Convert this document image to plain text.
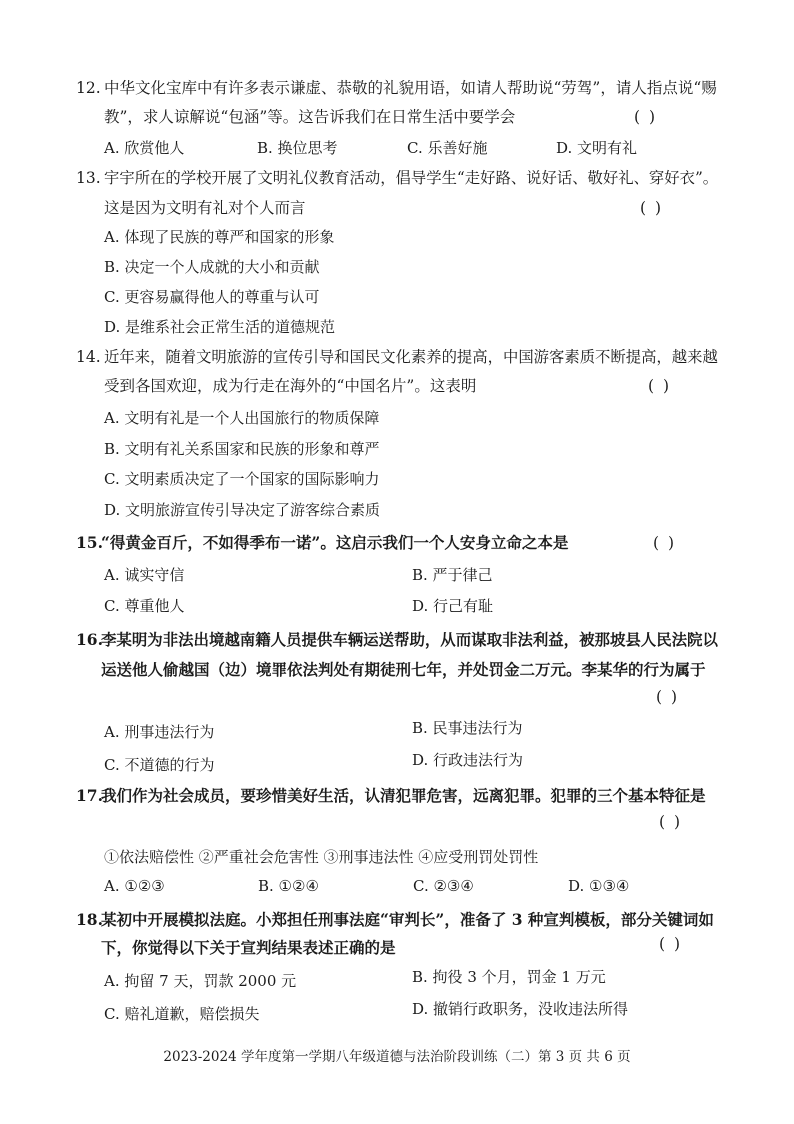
12. 中华文化宝库中有许多表示谦虚、恭敬的礼貌用语，如请人帮助说“劳驾”，请人指点说“赐
教”，求人谅解说“包涵”等。这告诉我们在日常生活中要学会	( )
A. 欣赏他人	B. 换位思考	C. 乐善好施	D. 文明有礼
13. 宇宇所在的学校开展了文明礼仪教育活动，倡导学生“走好路、说好话、敬好礼、穿好衣”。
这是因为文明有礼对个人而言	( )
A. 体现了民族的尊严和国家的形象
B. 决定一个人成就的大小和贡献
C. 更容易赢得他人的尊重与认可
D. 是维系社会正常生活的道德规范
14. 近年来，随着文明旅游的宣传引导和国民文化素养的提高，中国游客素质不断提高，越来越
受到各国欢迎，成为行走在海外的“中国名片”。这表明	( )
A. 文明有礼是一个人出国旅行的物质保障
B. 文明有礼关系国家和民族的形象和尊严
C. 文明素质决定了一个国家的国际影响力
D. 文明旅游宣传引导决定了游客综合素质
15.
“得黄金百斤，不如得季布一诺”。这启示我们一个人安身立命之本是	( )
A. 诚实守信	B. 严于律己
C. 尊重他人	D. 行己有耻
16.
李某明为非法出境越南籍人员提供车辆运送帮助，从而谋取非法利益，被那坡县人民法院以
运送他人偷越国（边）境罪依法判处有期徒刑七年，并处罚金二万元。李某华的行为属于
( )
A. 刑事违法行为	B. 民事违法行为
C. 不道德的行为	D. 行政违法行为
17.
我们作为社会成员，要珍惜美好生活，认清犯罪危害，远离犯罪。犯罪的三个基本特征是
( )
①依法赔偿性 ②严重社会危害性 ③刑事违法性 ④应受刑罚处罚性
A. ①②③	B. ①②④	C. ②③④	D. ①③④
18.
某初中开展模拟法庭。小郑担任刑事法庭“审判长”，准备了 3 种宣判模板，部分关键词如
下，你觉得以下关于宣判结果表述正确的是	( )
A. 拘留 7 天，罚款 2000 元	B. 拘役 3 个月，罚金 1 万元
C. 赔礼道歉，赔偿损失	D. 撤销行政职务，没收违法所得
2023-2024 学年度第一学期八年级道德与法治阶段训练（二）第 3 页 共 6 页
